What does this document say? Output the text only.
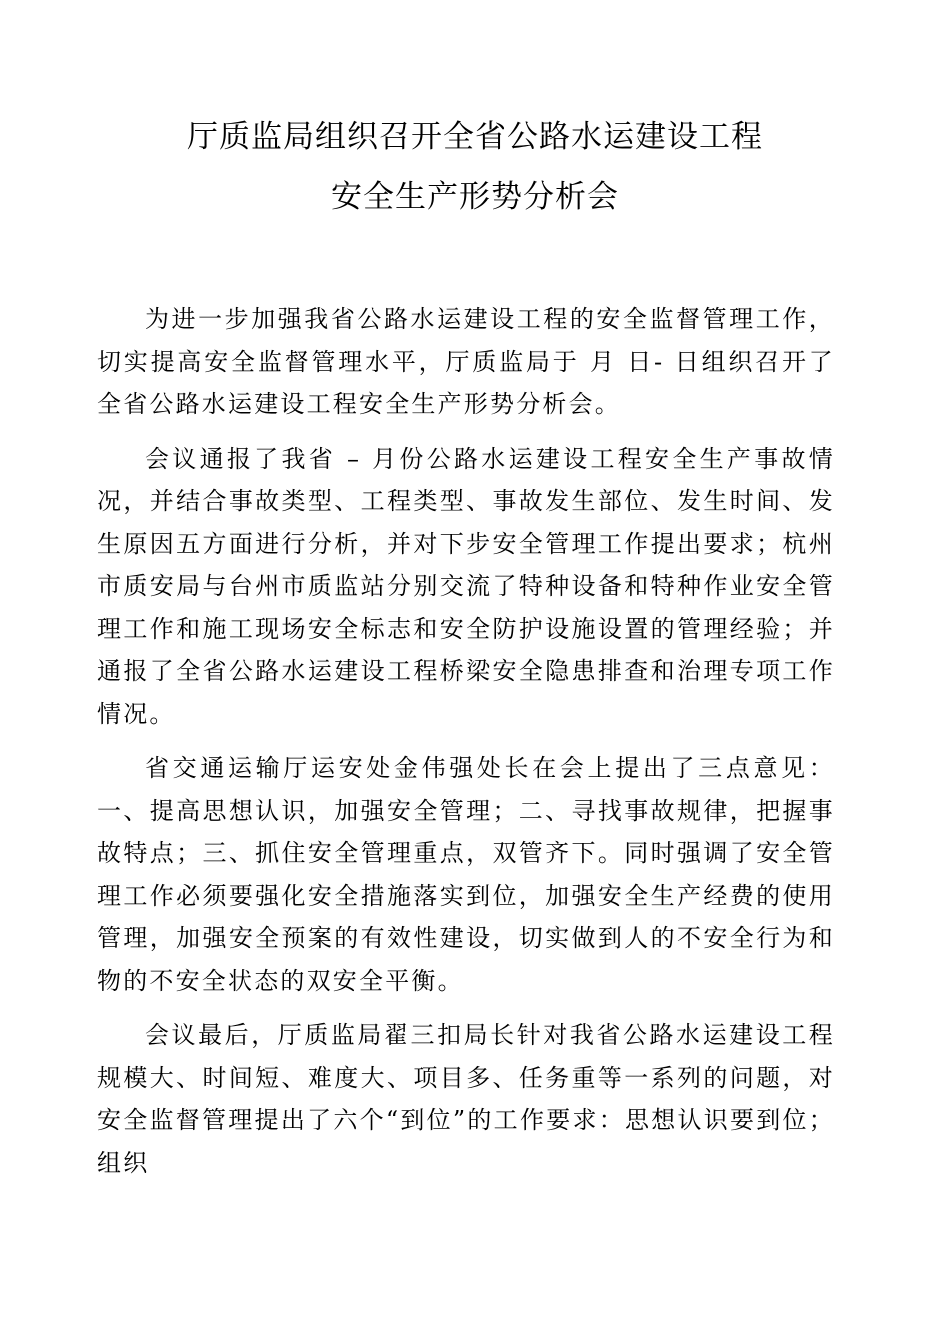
厅质监局组织召开全省公路水运建设工程
安全生产形势分析会

为进一步加强我省公路水运建设工程的安全监督管理工作，切实提高安全监督管理水平，厅质监局于 月 日- 日组织召开了全省公路水运建设工程安全生产形势分析会。

会议通报了我省 – 月份公路水运建设工程安全生产事故情况，并结合事故类型、工程类型、事故发生部位、发生时间、发生原因五方面进行分析，并对下步安全管理工作提出要求；杭州市质安局与台州市质监站分别交流了特种设备和特种作业安全管理工作和施工现场安全标志和安全防护设施设置的管理经验；并通报了全省公路水运建设工程桥梁安全隐患排查和治理专项工作情况。

省交通运输厅运安处金伟强处长在会上提出了三点意见：一、提高思想认识，加强安全管理；二、寻找事故规律，把握事故特点；三、抓住安全管理重点，双管齐下。同时强调了安全管理工作必须要强化安全措施落实到位，加强安全生产经费的使用管理，加强安全预案的有效性建设，切实做到人的不安全行为和物的不安全状态的双安全平衡。

会议最后，厅质监局翟三扣局长针对我省公路水运建设工程规模大、时间短、难度大、项目多、任务重等一系列的问题，对安全监督管理提出了六个“到位”的工作要求：思想认识要到位；组织
